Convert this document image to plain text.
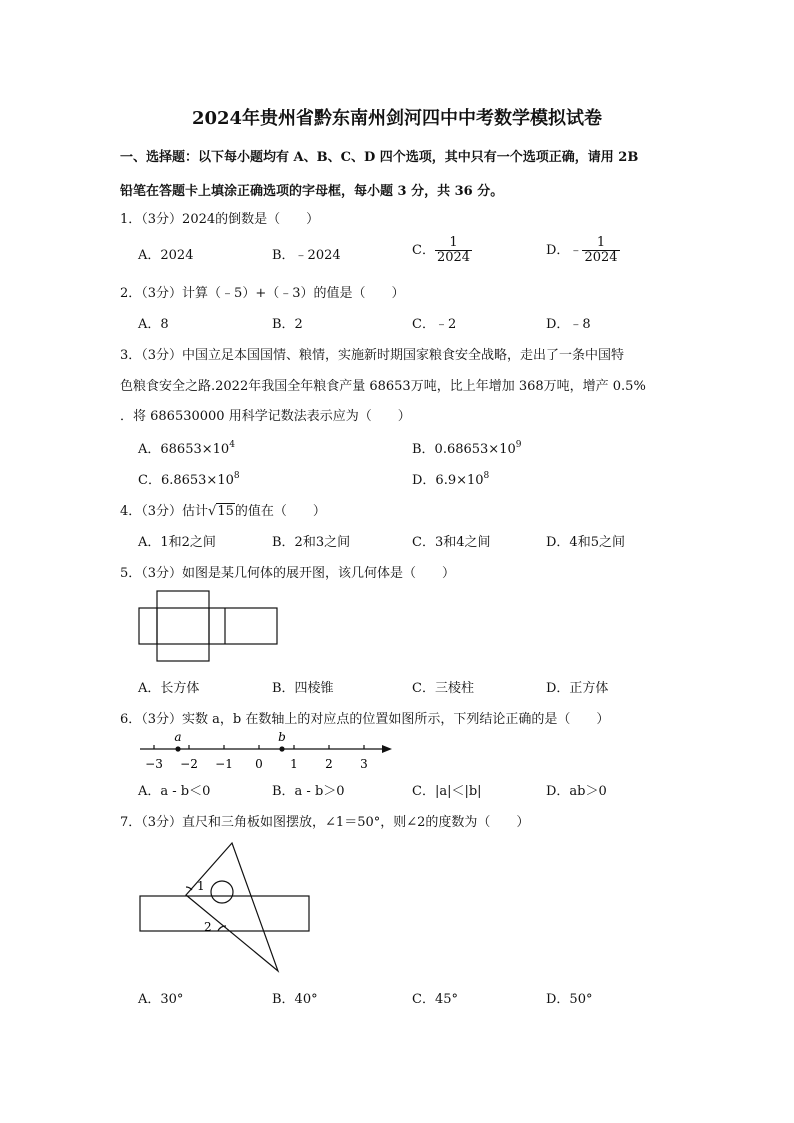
2024年贵州省黔东南州剑河四中中考数学模拟试卷
一、选择题：以下每小题均有 A、B、C、D 四个选项，其中只有一个选项正确，请用 2B
铅笔在答题卡上填涂正确选项的字母框，每小题 3 分，共 36 分。
1．（3分）2024的倒数是（　　）
A．2024	B．﹣2024	C． $\frac{1}{2024}$	D．﹣ $\frac{1}{2024}$
2．（3分）计算（﹣5）+（﹣3）的值是（　　）
A．8	B．2	C．﹣2	D．﹣8
3．（3分）中国立足本国国情、粮情，实施新时期国家粮食安全战略，走出了一条中国特
色粮食安全之路.2022年我国全年粮食产量 68653万吨，比上年增加 368万吨，增产 0.5%
．将 686530000 用科学记数法表示应为（　　）
A．$68653\times 10^4$	B．$0.68653\times 10^9$
C．$6.8653\times 10^8$	D．$6.9\times 10^8$
4．（3分）估计√15的值在（　　）
A．1和2之间	B．2和3之间	C．3和4之间	D．4和5之间
5．（3分）如图是某几何体的展开图，该几何体是（　　）
A．长方体	B．四棱锥	C．三棱柱	D．正方体
6．（3分）实数 a，b 在数轴上的对应点的位置如图所示，下列结论正确的是（　　）
−3 −2 −1 0 1 2 3
a	b
A．a - b＜0	B．a - b＞0	C．|a|＜|b|	D．ab＞0
7．（3分）直尺和三角板如图摆放，∠1＝50°，则∠2的度数为（　　）
1
2
A．30°	B．40°	C．45°	D．50°
